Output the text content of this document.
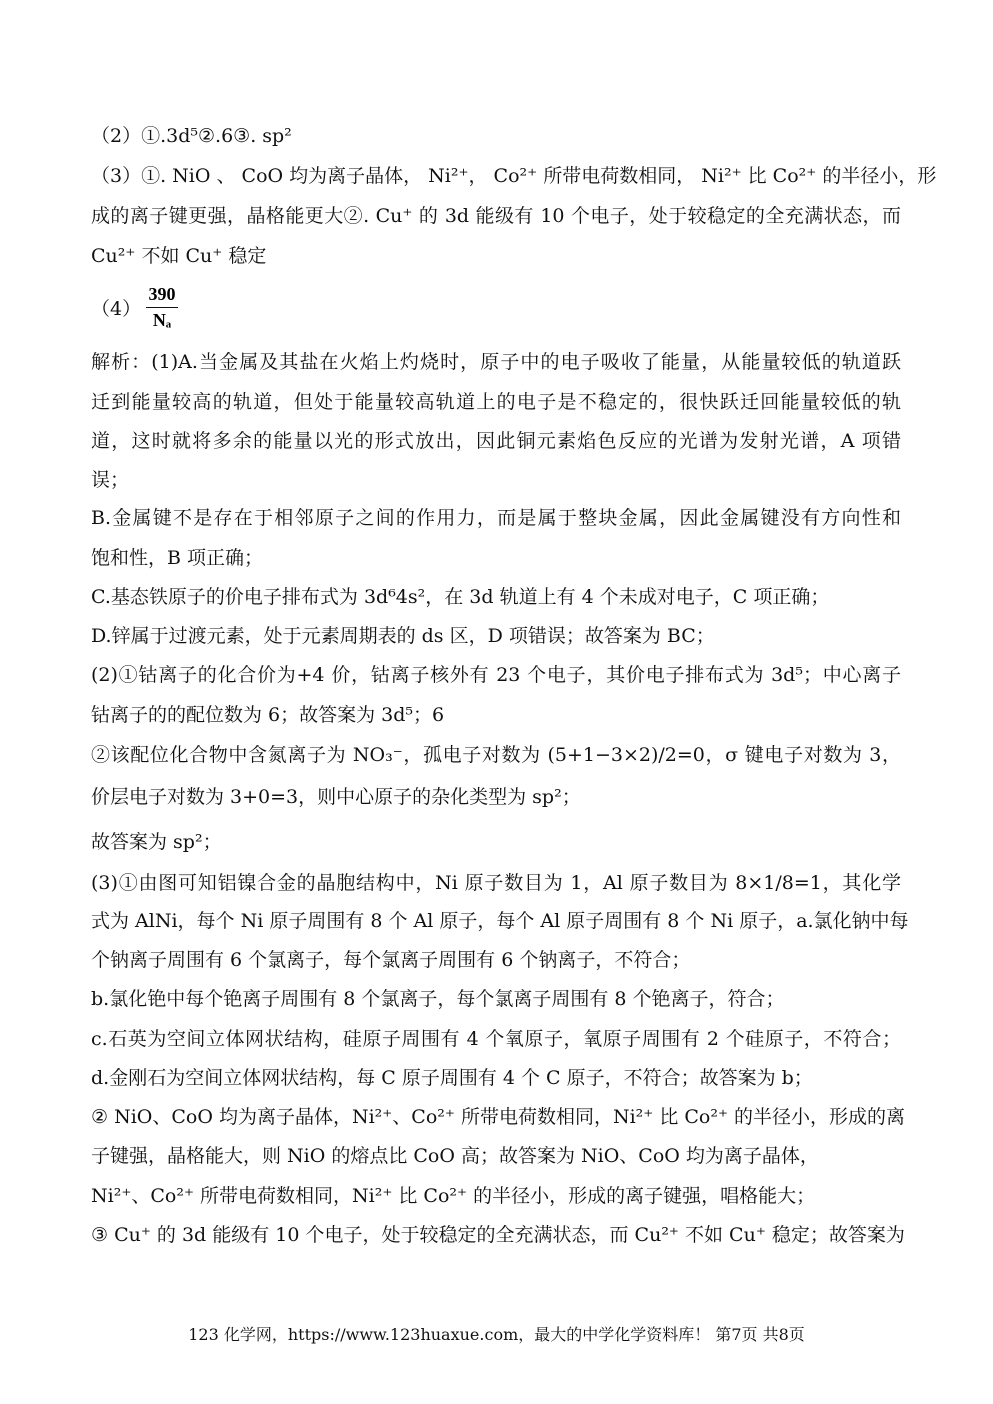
（2）①.3d⁵②.6③. sp²
（3）①. NiO 、 CoO 均为离子晶体， Ni²⁺， Co²⁺ 所带电荷数相同， Ni²⁺ 比 Co²⁺ 的半径小，形
成的离子键更强，晶格能更大②. Cu⁺ 的 3d 能级有 10 个电子，处于较稳定的全充满状态，而
Cu²⁺ 不如 Cu⁺ 稳定
$(4) \frac{390}{\text{Nₐ}}$
解析：(1)A.当金属及其盐在火焰上灼烧时，原子中的电子吸收了能量，从能量较低的轨道跃
迁到能量较高的轨道，但处于能量较高轨道上的电子是不稳定的，很快跃迁回能量较低的轨
道，这时就将多余的能量以光的形式放出，因此铜元素焰色反应的光谱为发射光谱，A 项错
误；
B.金属键不是存在于相邻原子之间的作用力，而是属于整块金属，因此金属键没有方向性和
饱和性，B 项正确；
C.基态铁原子的价电子排布式为 3d⁶4s²，在 3d 轨道上有 4 个未成对电子，C 项正确；
D.锌属于过渡元素，处于元素周期表的 ds 区，D 项错误；故答案为 BC；
(2)①钴离子的化合价为+4 价，钴离子核外有 23 个电子，其价电子排布式为 3d⁵；中心离子
钴离子的的配位数为 6；故答案为 3d⁵；6
②该配位化合物中含氮离子为 NO₃⁻，孤电子对数为 (5+1−3×2)/2=0，σ 键电子对数为 3，
价层电子对数为 3+0=3，则中心原子的杂化类型为 sp²；
故答案为 sp²；
(3)①由图可知铝镍合金的晶胞结构中，Ni 原子数目为 1，Al 原子数目为 8×1/8=1，其化学
式为 AlNi，每个 Ni 原子周围有 8 个 Al 原子，每个 Al 原子周围有 8 个 Ni 原子，a.氯化钠中每
个钠离子周围有 6 个氯离子，每个氯离子周围有 6 个钠离子，不符合；
b.氯化铯中每个铯离子周围有 8 个氯离子，每个氯离子周围有 8 个铯离子，符合；
c.石英为空间立体网状结构，硅原子周围有 4 个氧原子，氧原子周围有 2 个硅原子，不符合；
d.金刚石为空间立体网状结构，每 C 原子周围有 4 个 C 原子，不符合；故答案为 b；
② NiO、CoO 均为离子晶体，Ni²⁺、Co²⁺ 所带电荷数相同，Ni²⁺ 比 Co²⁺ 的半径小，形成的离
子键强，晶格能大，则 NiO 的熔点比 CoO 高；故答案为 NiO、CoO 均为离子晶体，
Ni²⁺、Co²⁺ 所带电荷数相同，Ni²⁺ 比 Co²⁺ 的半径小，形成的离子键强，唱格能大；
③ Cu⁺ 的 3d 能级有 10 个电子，处于较稳定的全充满状态，而 Cu²⁺ 不如 Cu⁺ 稳定；故答案为
123 化学网，https://www.123huaxue.com，最大的中学化学资料库！ 第7页 共8页
